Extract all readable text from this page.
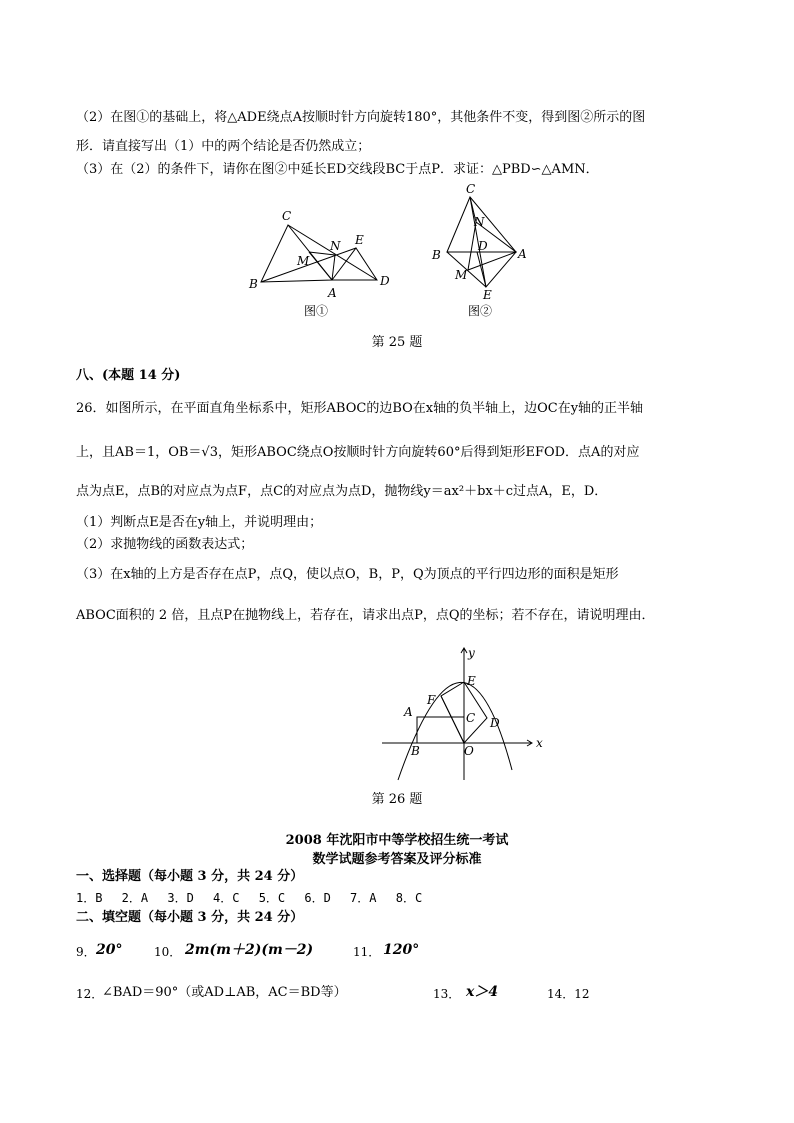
（2）在图①的基础上，将△ADE绕点A按顺时针方向旋转180°，其他条件不变，得到图②所示的图
形．请直接写出（1）中的两个结论是否仍然成立；
（3）在（2）的条件下，请你在图②中延长ED交线段BC于点P．求证：△PBD∽△AMN．
C
N E
M
B
A
D
C
N
D
B	A
M
E
图①	图②
第 25 题
八、(本题 14 分)
26．如图所示，在平面直角坐标系中，矩形ABOC的边BO在x轴的负半轴上，边OC在y轴的正半轴
上，且AB＝1，OB＝√3，矩形ABOC绕点O按顺时针方向旋转60°后得到矩形EFOD．点A的对应
点为点E，点B的对应点为点F，点C的对应点为点D，抛物线y＝ax²＋bx＋c过点A，E，D．
（1）判断点E是否在y轴上，并说明理由；
（2）求抛物线的函数表达式；
（3）在x轴的上方是否存在点P，点Q，使以点O，B，P，Q为顶点的平行四边形的面积是矩形
ABOC面积的 2 倍，且点P在抛物线上，若存在，请求出点P，点Q的坐标；若不存在，请说明理由．
y
E
F
A	C D
x
B	O
第 26 题
2008 年沈阳市中等学校招生统一考试
数学试题参考答案及评分标准
一、选择题（每小题 3 分，共 24 分）
1．B　 2．A　 3．D　 4．C　 5．C　 6．D　 7．A　 8．C
二、填空题（每小题 3 分，共 24 分）
9． 20°	10． 2m(m＋2)(m－2)	11． 120°
12．
∠BAD＝90°（或AD⊥AB，AC＝BD等）	13． x＞4	14．12
